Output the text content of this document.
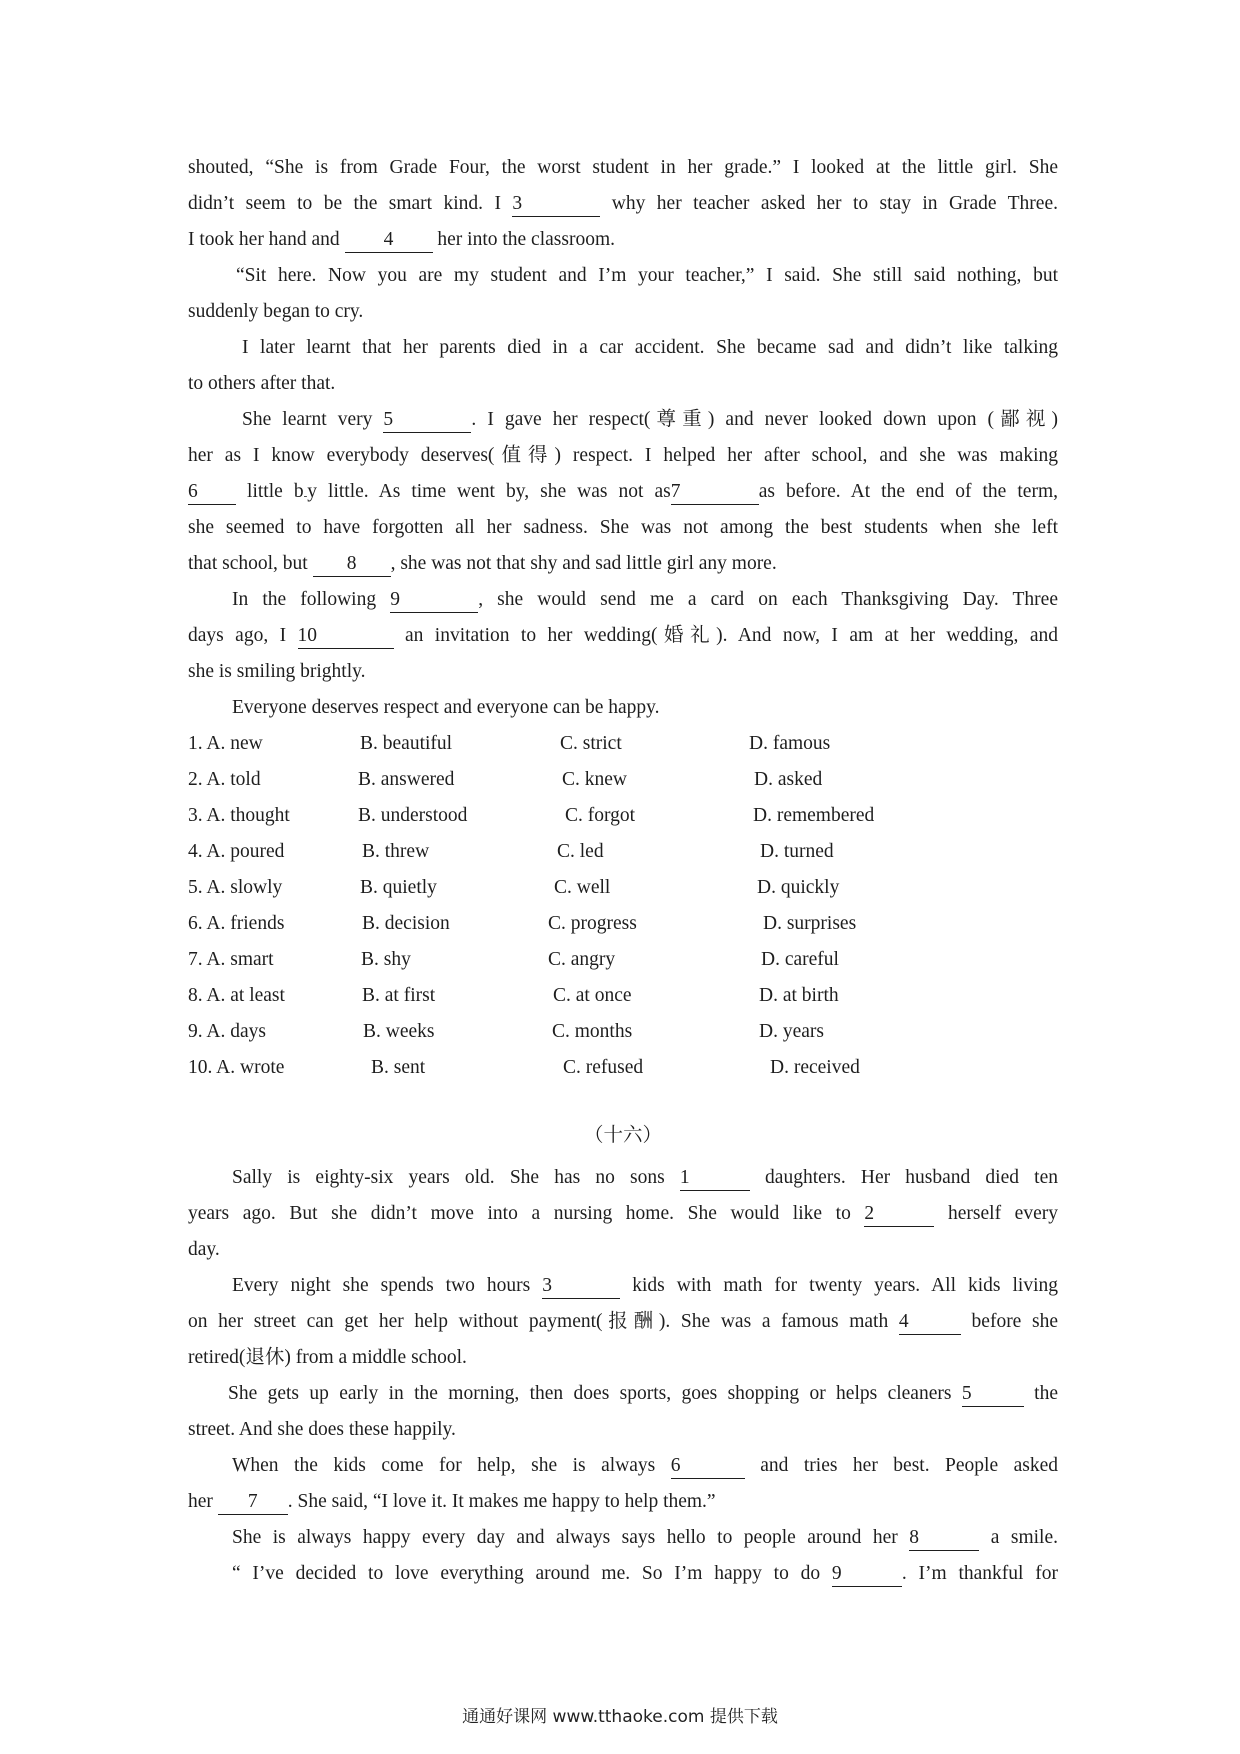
shouted, “She is from Grade Four, the worst student in her grade.” I looked at the little girl. She

didn’t seem to be the smart kind. I 3	why her teacher asked her to stay in Grade Three.

I took her hand and 4 her into the classroom.

“Sit here. Now you are my student and I’m your teacher,” I said. She still said nothing, but

suddenly began to cry.

I later learnt that her parents died in a car accident. She became sad and didn’t like talking

to others after that.

She learnt very 5	. I gave her respect(尊重) and never looked down upon (鄙视)

her as I know everybody deserves(值得) respect. I helped her after school, and she was making

6 little b-y little. As time went by, she was not as7	as before. At the end of the term,

she seemed to have forgotten all her sadness. She was not among the best students when she left

that school, but 8 , she was not that shy and sad little girl any more.

In the following 9	, she would send me a card on each Thanksgiving Day. Three

days ago, I 10	an invitation to her wedding(婚礼). And now, I am at her wedding, and

she is smiling brightly.

Everyone deserves respect and everyone can be happy.

1. A. new	B. beautiful	C. strict	D. famous
2. A. told	B. answered	C. knew	D. asked
3. A. thought	B. understood	C. forgot	D. remembered
4. A. poured	B. threw	C. led	D. turned
5. A. slowly	B. quietly	C. well	D. quickly
6. A. friends	B. decision	C. progress	D. surprises
7. A. smart	B. shy	C. angry	D. careful
8. A. at least	B. at first	C. at once	D. at birth
9. A. days	B. weeks	C. months	D. years
10. A. wrote	B. sent	C. refused	D. received
（十六）

Sally is eighty-six years old. She has no sons 1	daughters. Her husband died ten

years ago. But she didn’t move into a nursing home. She would like to 2	herself every

day.

Every night she spends two hours 3	kids with math for twenty years. All kids living

on her street can get her help without payment(报酬). She was a famous math 4	before she

retired(退休) from a middle school.

She gets up early in the morning, then does sports, goes shopping or helps cleaners 5	the

street. And she does these happily.

When the kids come for help, she is always 6	and tries her best. People asked

her 7 . She said, “I love it. It makes me happy to help them.”

She is always happy every day and always says hello to people around her 8	a smile.

“ I’ve decided to love everything around me. So I’m happy to do 9	. I’m thankful for

通通好课网 www.tthaoke.com 提供下载
